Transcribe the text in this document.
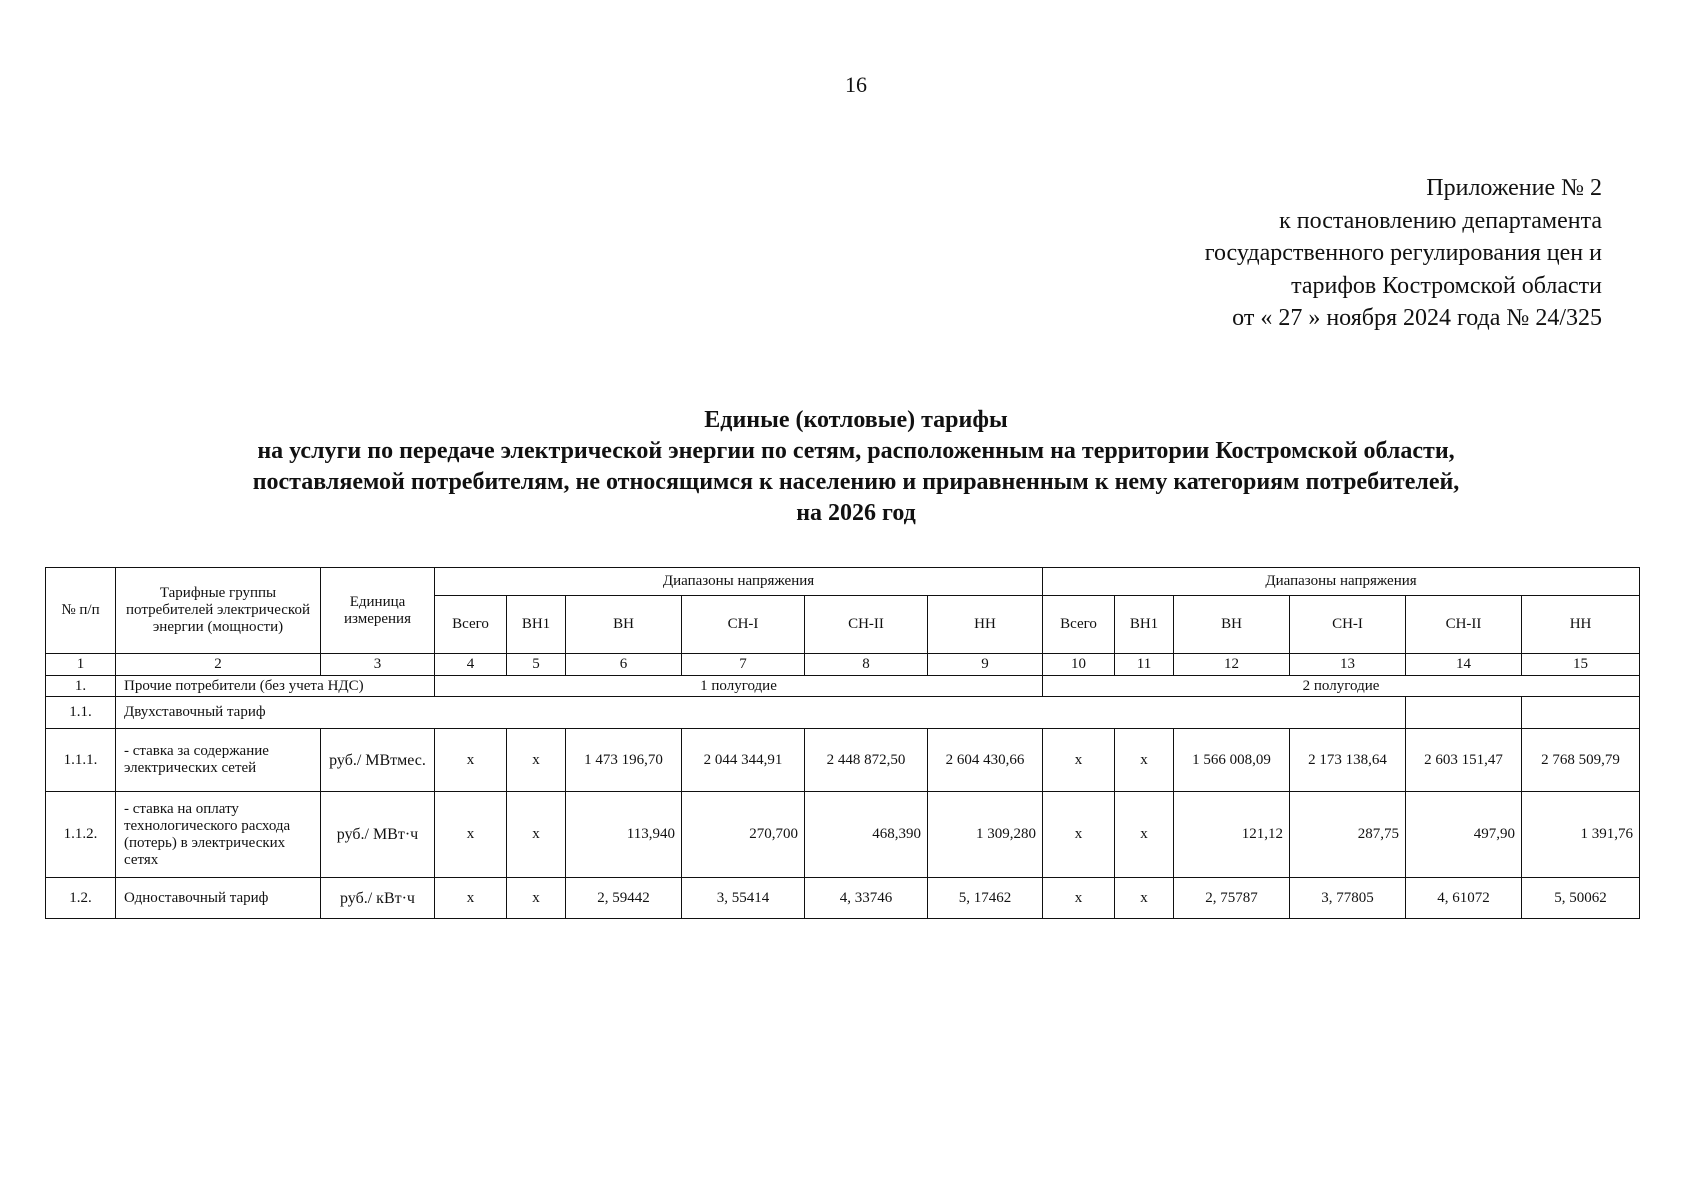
16
Приложение № 2
к постановлению департамента
государственного регулирования цен и
тарифов Костромской области
от « 27 » ноября 2024 года № 24/325
Единые (котловые) тарифы
на услуги по передаче электрической энергии по сетям, расположенным на территории Костромской области,
поставляемой потребителям, не относящимся к населению и приравненным к нему категориям потребителей,
на 2026 год
№ п/п	Тарифные группы потребителей электрической энергии (мощности)	Единица измерения	Диапазоны напряжения						Диапазоны напряжения					
			Всего	ВН1	ВН	СН-I	СН-II	НН	Всего	ВН1	ВН	СН-I	СН-II	НН
1	2	3	4	5	6	7	8	9	10	11	12	13	14	15
1.	Прочие потребители (без учета НДС)		1 полугодие						2 полугодие					
1.1.	Двухставочный тариф													
1.1.1.	- ставка за содержание электрических сетей	руб./ МВтмес.	х	х	1 473 196,70	2 044 344,91	2 448 872,50	2 604 430,66	х	х	1 566 008,09	2 173 138,64	2 603 151,47	2 768 509,79
1.1.2.	- ставка на оплату технологического расхода (потерь) в электрических сетях	руб./ МВт·ч	х	х	113,940	270,700	468,390	1 309,280	х	х	121,12	287,75	497,90	1 391,76
1.2.	Одноставочный тариф	руб./ кВт·ч	х	х	2, 59442	3, 55414	4, 33746	5, 17462	х	х	2, 75787	3, 77805	4, 61072	5, 50062
